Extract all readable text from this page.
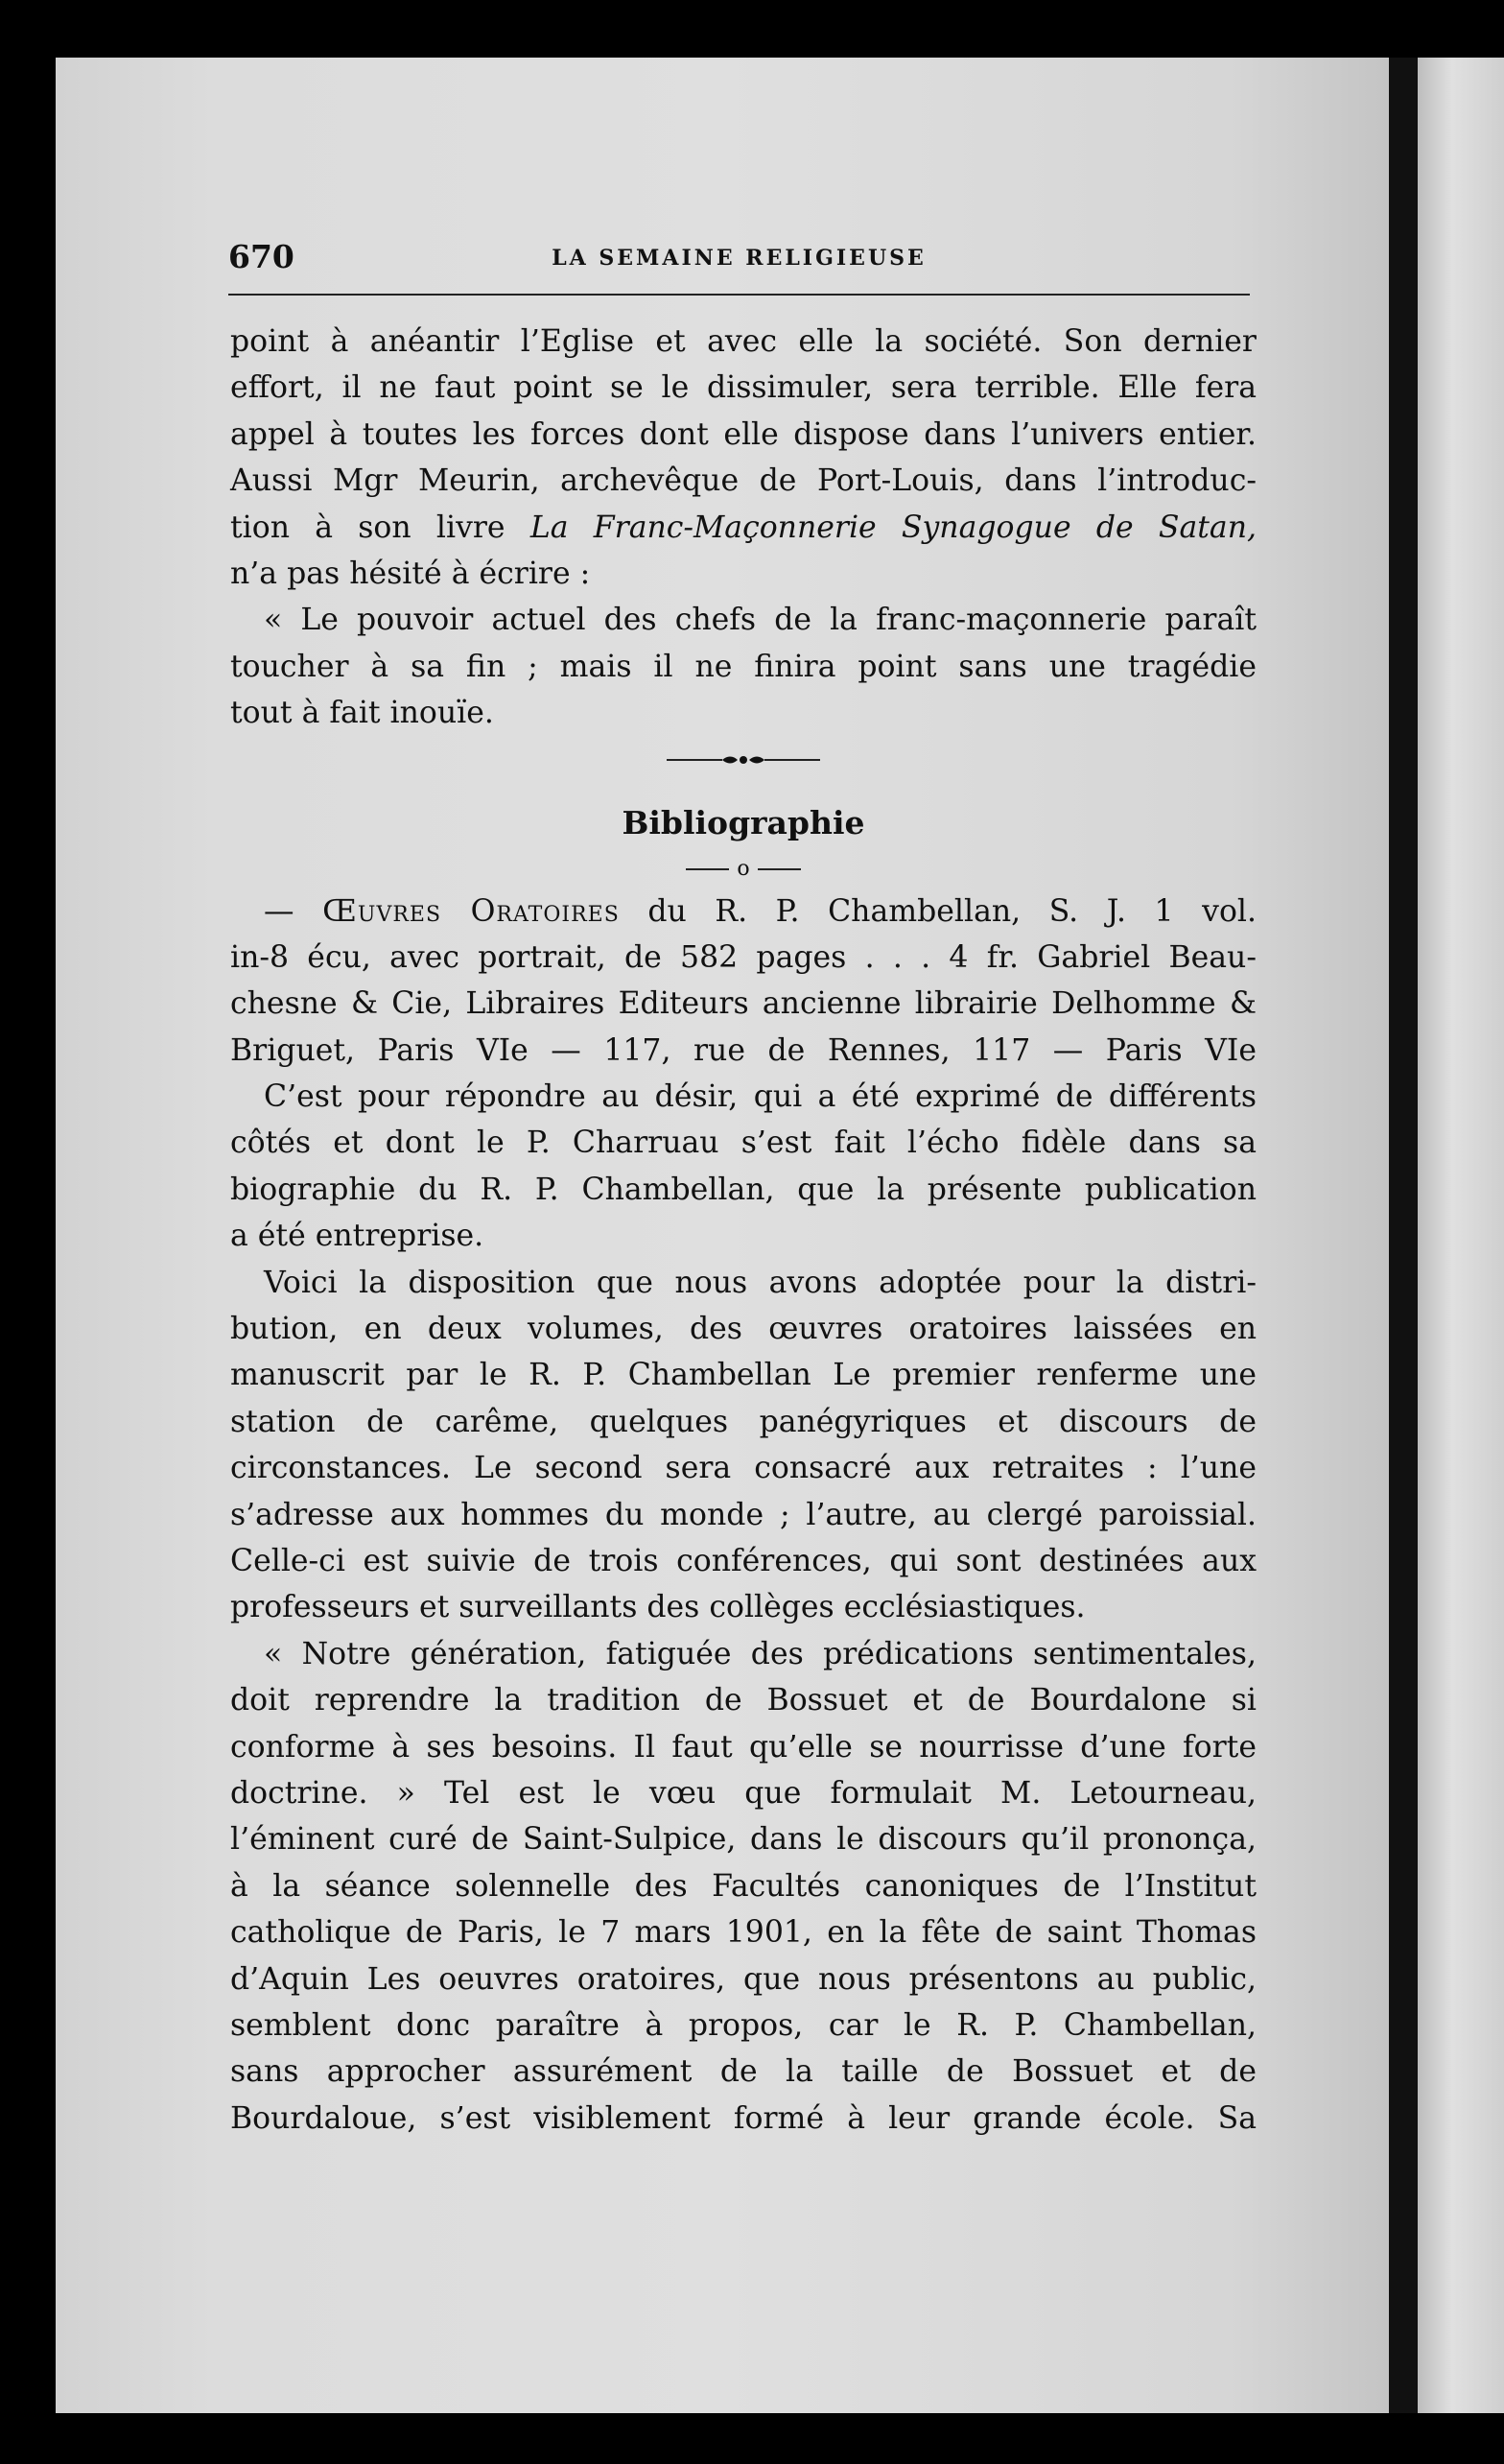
670	LA SEMAINE RELIGIEUSE
point à anéantir l’Eglise et avec elle la société. Son dernier
effort, il ne faut point se le dissimuler, sera terrible. Elle fera
appel à toutes les forces dont elle dispose dans l’univers entier.
Aussi Mgr Meurin, archevêque de Port-Louis, dans l’introduc-
tion à son livre La Franc-Maçonnerie Synagogue de Satan,
n’a pas hésité à écrire :
« Le pouvoir actuel des chefs de la franc-maçonnerie paraît
toucher à sa fin ; mais il ne finira point sans une tragédie
tout à fait inouïe.
Bibliographie
o
— Œuvres Oratoires du R. P. Chambellan, S. J. 1 vol.
in-8 écu, avec portrait, de 582 pages . . . 4 fr. Gabriel Beau-
chesne & Cie, Libraires Editeurs ancienne librairie Delhomme &
Briguet, Paris VIe — 117, rue de Rennes, 117 — Paris VIe
C’est pour répondre au désir, qui a été exprimé de différents
côtés et dont le P. Charruau s’est fait l’écho fidèle dans sa
biographie du R. P. Chambellan, que la présente publication
a été entreprise.
Voici la disposition que nous avons adoptée pour la distri-
bution, en deux volumes, des œuvres oratoires laissées en
manuscrit par le R. P. Chambellan Le premier renferme une
station de carême, quelques panégyriques et discours de
circonstances. Le second sera consacré aux retraites : l’une
s’adresse aux hommes du monde ; l’autre, au clergé paroissial.
Celle-ci est suivie de trois conférences, qui sont destinées aux
professeurs et surveillants des collèges ecclésiastiques.
« Notre génération, fatiguée des prédications sentimentales,
doit reprendre la tradition de Bossuet et de Bourdalone si
conforme à ses besoins. Il faut qu’elle se nourrisse d’une forte
doctrine. » Tel est le vœu que formulait M. Letourneau,
l’éminent curé de Saint-Sulpice, dans le discours qu’il prononça,
à la séance solennelle des Facultés canoniques de l’Institut
catholique de Paris, le 7 mars 1901, en la fête de saint Thomas
d’Aquin Les oeuvres oratoires, que nous présentons au public,
semblent donc paraître à propos, car le R. P. Chambellan,
sans approcher assurément de la taille de Bossuet et de
Bourdaloue, s’est visiblement formé à leur grande école. Sa
